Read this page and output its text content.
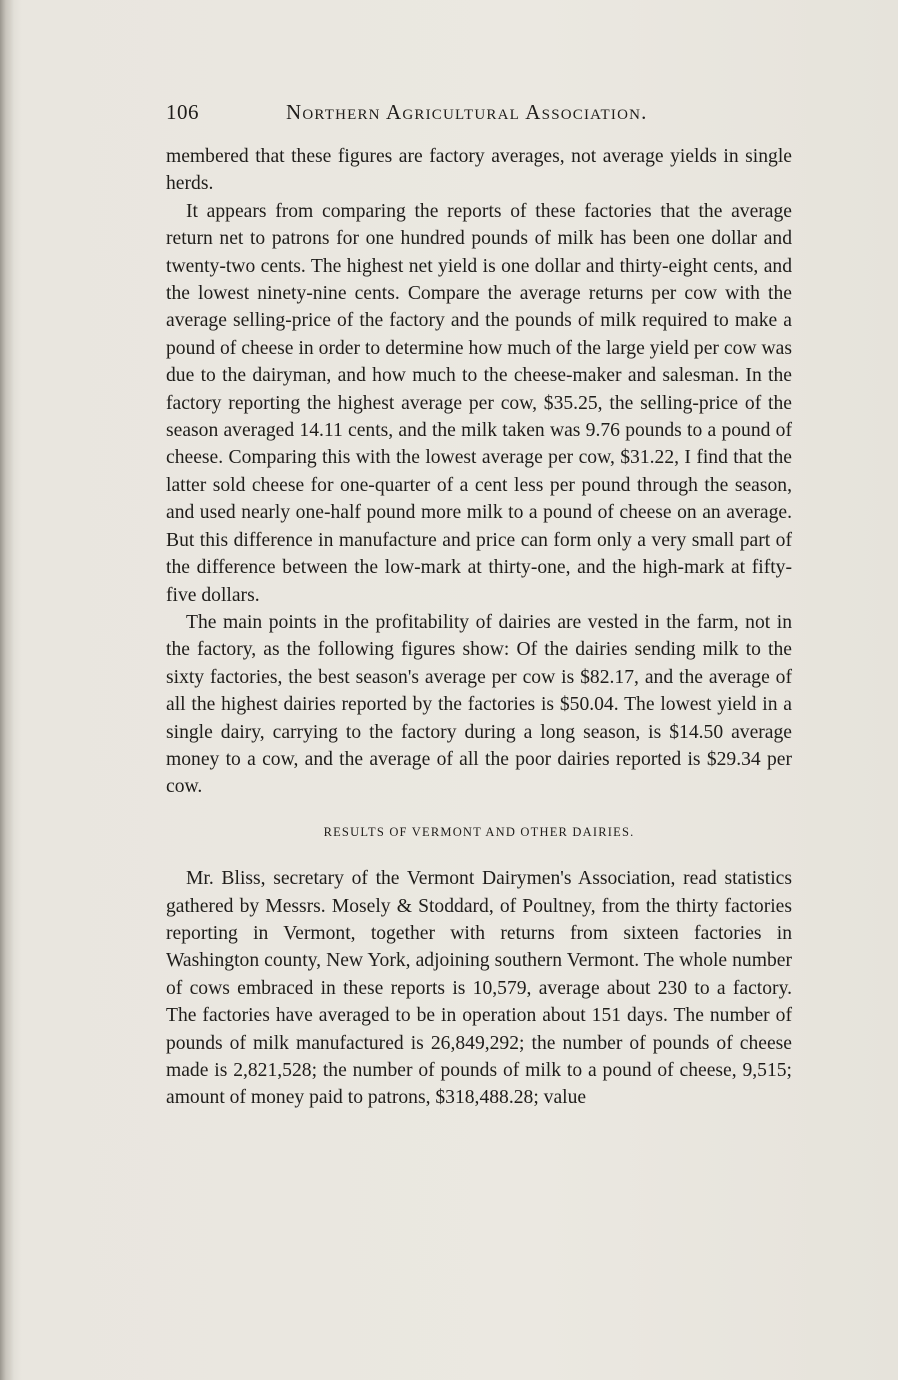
106	Northern Agricultural Association.

membered that these figures are factory averages, not average yields in single herds.

It appears from comparing the reports of these factories that the average return net to patrons for one hundred pounds of milk has been one dollar and twenty-two cents. The highest net yield is one dollar and thirty-eight cents, and the lowest ninety-nine cents. Compare the average returns per cow with the average selling-price of the factory and the pounds of milk required to make a pound of cheese in order to determine how much of the large yield per cow was due to the dairyman, and how much to the cheese-maker and salesman. In the factory reporting the highest average per cow, $35.25, the selling-price of the season averaged 14.11 cents, and the milk taken was 9.76 pounds to a pound of cheese. Comparing this with the lowest average per cow, $31.22, I find that the latter sold cheese for one-quarter of a cent less per pound through the season, and used nearly one-half pound more milk to a pound of cheese on an average. But this difference in manufacture and price can form only a very small part of the difference between the low-mark at thirty-one, and the high-mark at fifty-five dollars.

The main points in the profitability of dairies are vested in the farm, not in the factory, as the following figures show: Of the dairies sending milk to the sixty factories, the best season's average per cow is $82.17, and the average of all the highest dairies reported by the factories is $50.04. The lowest yield in a single dairy, carrying to the factory during a long season, is $14.50 average money to a cow, and the average of all the poor dairies reported is $29.34 per cow.

RESULTS OF VERMONT AND OTHER DAIRIES.

Mr. Bliss, secretary of the Vermont Dairymen's Association, read statistics gathered by Messrs. Mosely & Stoddard, of Poultney, from the thirty factories reporting in Vermont, together with returns from sixteen factories in Washington county, New York, adjoining southern Vermont. The whole number of cows embraced in these reports is 10,579, average about 230 to a factory. The factories have averaged to be in operation about 151 days. The number of pounds of milk manufactured is 26,849,292; the number of pounds of cheese made is 2,821,528; the number of pounds of milk to a pound of cheese, 9,515; amount of money paid to patrons, $318,488.28; value
